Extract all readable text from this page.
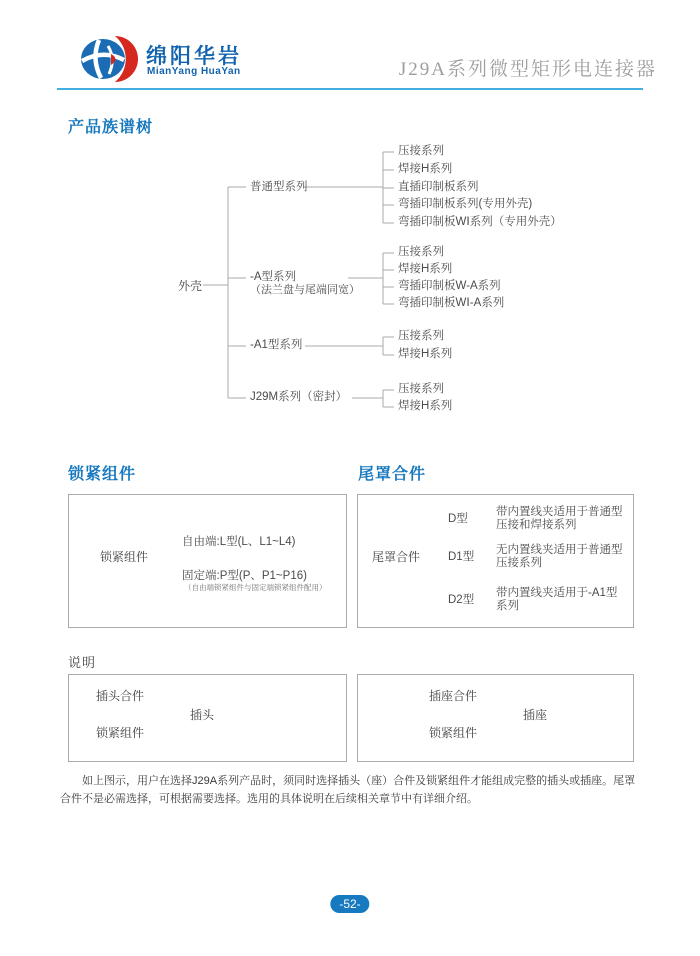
绵阳华岩
MianYang HuaYan	J29A系列微型矩形电连接器
产品族谱树
外壳
普通型系列
压接系列
焊接H系列
直插印制板系列
弯插印制板系列(专用外壳)
弯插印制板WⅠ系列（专用外壳）
-A型系列
（法兰盘与尾端同宽）
压接系列
焊接H系列
弯插印制板W-A系列
弯插印制板WⅠ-A系列
-A1型系列
压接系列
焊接H系列
J29M系列（密封）
压接系列
焊接H系列
锁紧组件
锁紧组件
自由端:L型(L、L1~L4)
固定端:P型(P、P1~P16)
（自由端锁紧组件与固定端锁紧组件配用）
尾罩合件
尾罩合件
D型
带内置线夹适用于普通型
压接和焊接系列
D1型
无内置线夹适用于普通型
压接系列
D2型
带内置线夹适用于-A1型
系列
说明
插头合件
锁紧组件
插头
插座合件
锁紧组件
插座
如上图示，用户在选择J29A系列产品时，须同时选择插头（座）合件及锁紧组件才能组成完整的插头或插座。尾罩合件不是必需选择，可根据需要选择。选用的具体说明在后续相关章节中有详细介绍。
-52-
